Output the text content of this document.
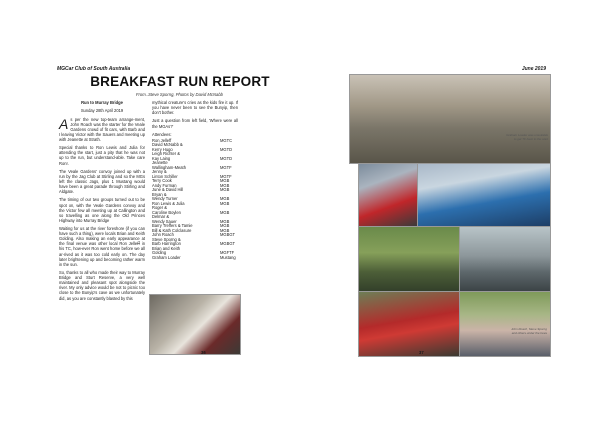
MGCar Club of South Australia	June 2019
BREAKFAST RUN REPORT
From..Steve Sporng, Photos by David McNabb

Run to Murray Bridge

Sunday 28th April 2019

As per the new top-team arrange-ment, John Roach was the starter for the Veale Gardens crowd of ﬁt cars, with Barb and I leaving Victor with the Sauers and meeting up with Jeanette at Strath.

Special thanks to Ron Lewis and Julia for attending the start, just a pity that he was not up to the run, but understand-able. Take care Ron!.

The Veale Gardens' convoy joined up with a run by the Jag Club at Stirling and so the MGs left the classic Jags, plus 1 Mustang would have been a great parade through Stirling and Aldgate.

The timing of our two groups turned out to be spot on, with the Veale Gardens convoy and the Victor few all meeting up at Callington and so travelling as one along the Old Princes Highway into Murray Bridge

Waiting for us at the river foreshore (if you can have such a thing), were locals Brian and Keith Golding. Also making an early appearance at the ﬁnal venue was other local Ron Jelleﬀ in his TC, how-ever Ron went home before we all ar-rived as it was too cold early on. The day later brightening up and becoming rather warm in the sun.

So, thanks to all who made their way to Murray Bridge and Sturt Reserve, a very well maintained and pleasant spot alongside the river. My only advice would be not to picnic too close to the Bunyip's cave as we unfortunately did, as you are constantly blasted by this

mythical creature's cries as the kids ﬁre it up. If you have never been to see the Bunyip, then don't bother.

Just a question from left ﬁeld, 'Where were all the MGAs?'

Attendees:
Ron Jelleff	MGTC
David McNabb &
Kerry Hugo	MGTD
Leigh Richter &
Kay Laing	MGTD
Jeanette
Wallingham-Meath	MGTF
Jenny &
Linton Schiller	MGTF
Terry Cook	MGB
Andy Furman	MGB
June & David Hill	MGB
Bryan &
Wendy Turner	MGB
Ron Lewis & Julia	MGB
Roger &
Caroline Boylen	MGB
Delmar &
Wendy Sauer	MGB
Barry Treffers & Tamie	MGB
Bill & Kath Colclasure	MGB
John Roach	MGBGT
Steve Sporng &
Barb Harrington	MGBGT
Brian and Keith
Golding	MGFTF
Graham Loader	Mustang
Graham Loader was unsuitable to get TF back to the start
John Roach, Steve Sporng and others under the trees
36	37
